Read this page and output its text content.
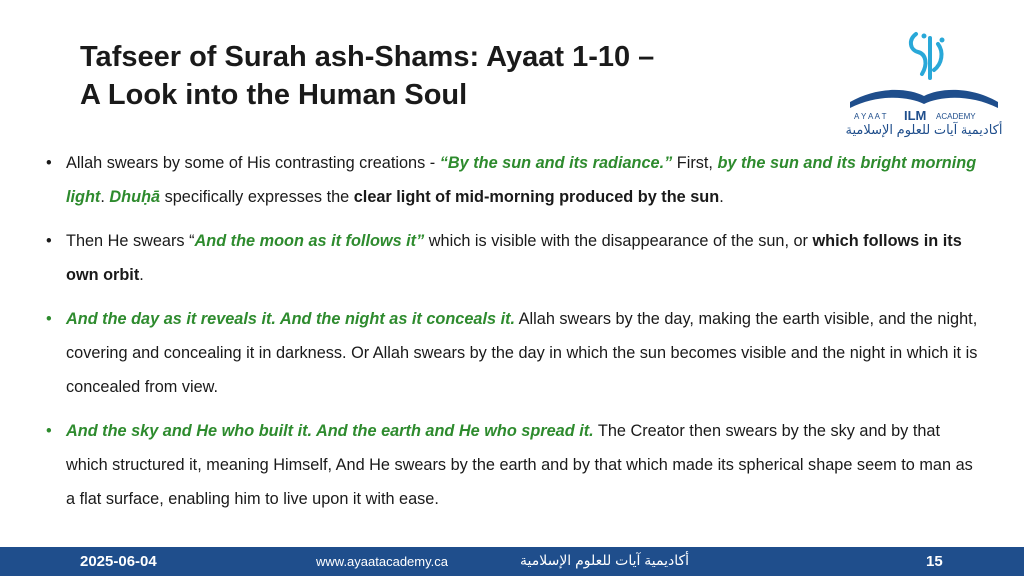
Tafseer of Surah ash-Shams: Ayaat 1-10 –
A Look into the Human Soul
A Y A A T ILM ACADEMY
أكاديمية آيات للعلوم الإسلامية
• Allah swears by some of His contrasting creations - “By the sun and its radiance.” First, by the sun and its bright morning light. Dhuḥā specifically expresses the clear light of mid-morning produced by the sun.
• Then He swears “And the moon as it follows it” which is visible with the disappearance of the sun, or which follows in its own orbit.
• And the day as it reveals it. And the night as it conceals it. Allah swears by the day, making the earth visible, and the night, covering and concealing it in darkness. Or Allah swears by the day in which the sun becomes visible and the night in which it is concealed from view.
• And the sky and He who built it. And the earth and He who spread it. The Creator then swears by the sky and by that which structured it, meaning Himself, And He swears by the earth and by that which made its spherical shape seem to man as a flat surface, enabling him to live upon it with ease.
2025-06-04	www.ayaatacademy.ca	أكاديمية آيات للعلوم الإسلامية	15
